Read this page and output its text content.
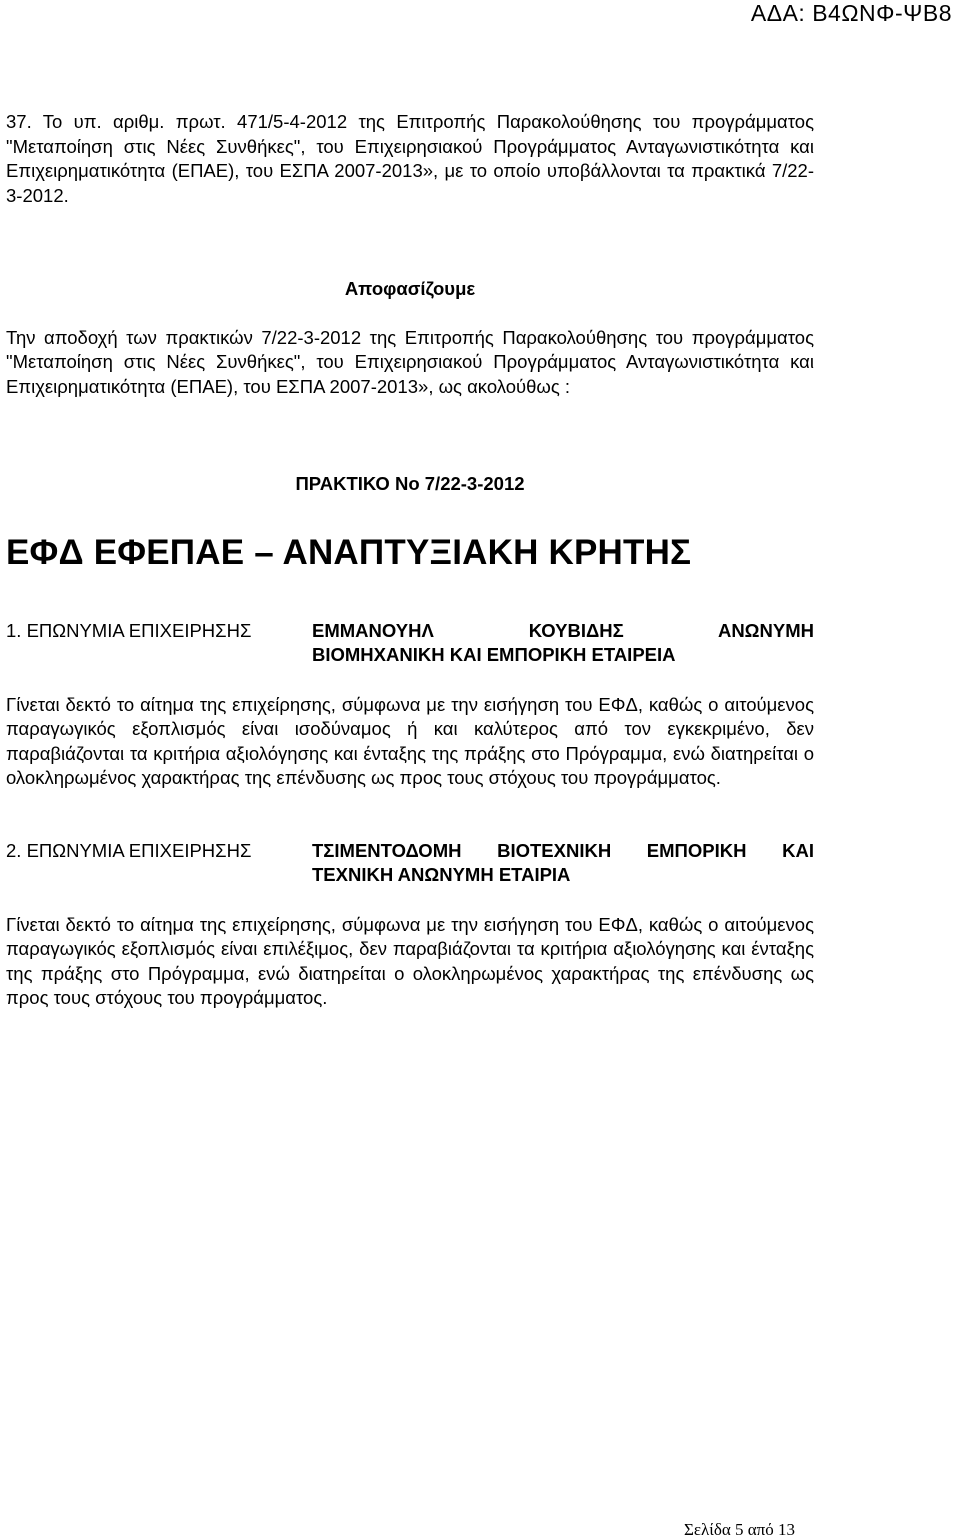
ΑΔΑ: Β4ΩΝΦ-ΨΒ8

37. Το υπ. αριθμ. πρωτ. 471/5-4-2012 της Επιτροπής Παρακολούθησης του προγράμματος "Μεταποίηση στις Νέες Συνθήκες", του Επιχειρησιακού Προγράμματος Ανταγωνιστικότητα και Επιχειρηματικότητα (ΕΠΑΕ), του ΕΣΠΑ 2007-2013», με το οποίο υποβάλλονται τα πρακτικά 7/22-3-2012.

Αποφασίζουμε

Την αποδοχή των πρακτικών 7/22-3-2012 της Επιτροπής Παρακολούθησης του προγράμματος "Μεταποίηση στις Νέες Συνθήκες", του Επιχειρησιακού Προγράμματος Ανταγωνιστικότητα και Επιχειρηματικότητα (ΕΠΑΕ), του ΕΣΠΑ 2007-2013», ως ακολούθως :

ΠΡΑΚΤΙΚΟ Νο 7/22-3-2012

ΕΦΔ ΕΦΕΠΑΕ – ΑΝΑΠΤΥΞΙΑΚΗ ΚΡΗΤΗΣ

1. ΕΠΩΝΥΜΙΑ ΕΠΙΧΕΙΡΗΣΗΣ	ΕΜΜΑΝΟΥΗΛ ΚΟΥΒΙΔΗΣ ΑΝΩΝΥΜΗ
ΒΙΟΜΗΧΑΝΙΚΗ ΚΑΙ ΕΜΠΟΡΙΚΗ ΕΤΑΙΡΕΙΑ

Γίνεται δεκτό το αίτημα της επιχείρησης, σύμφωνα με την εισήγηση του ΕΦΔ, καθώς ο αιτούμενος παραγωγικός εξοπλισμός είναι ισοδύναμος ή και καλύτερος από τον εγκεκριμένο, δεν παραβιάζονται τα κριτήρια αξιολόγησης και ένταξης της πράξης στο Πρόγραμμα, ενώ διατηρείται ο ολοκληρωμένος χαρακτήρας της επένδυσης ως προς τους στόχους του προγράμματος.

2. ΕΠΩΝΥΜΙΑ ΕΠΙΧΕΙΡΗΣΗΣ	ΤΣΙΜΕΝΤΟΔΟΜΗ ΒΙΟΤΕΧΝΙΚΗ ΕΜΠΟΡΙΚΗ ΚΑΙ
ΤΕΧΝΙΚΗ ΑΝΩΝΥΜΗ ΕΤΑΙΡΙΑ

Γίνεται δεκτό το αίτημα της επιχείρησης, σύμφωνα με την εισήγηση του ΕΦΔ, καθώς ο αιτούμενος παραγωγικός εξοπλισμός είναι επιλέξιμος, δεν παραβιάζονται τα κριτήρια αξιολόγησης και ένταξης της πράξης στο Πρόγραμμα, ενώ διατηρείται ο ολοκληρωμένος χαρακτήρας της επένδυσης ως προς τους στόχους του προγράμματος.

Σελίδα 5 από 13
